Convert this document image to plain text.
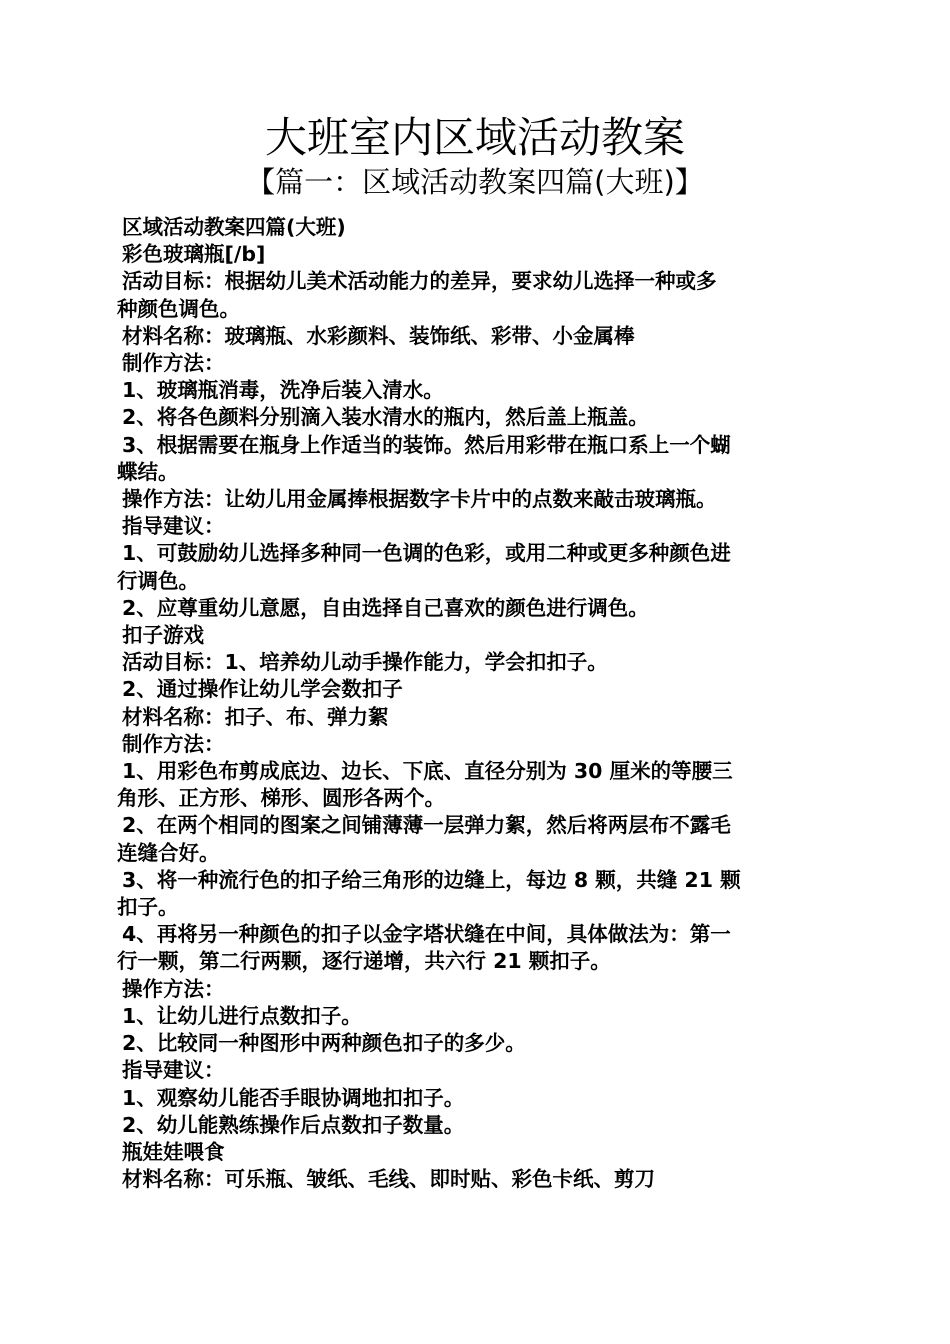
大班室内区域活动教案
【篇一：区域活动教案四篇(大班)】
区域活动教案四篇(大班)
彩色玻璃瓶[/b]
活动目标：根据幼儿美术活动能力的差异，要求幼儿选择一种或多
种颜色调色。
材料名称：玻璃瓶、水彩颜料、装饰纸、彩带、小金属棒
制作方法：
1、玻璃瓶消毒，洗净后装入清水。
2、将各色颜料分别滴入装水清水的瓶内，然后盖上瓶盖。
3、根据需要在瓶身上作适当的装饰。然后用彩带在瓶口系上一个蝴
蝶结。
操作方法：让幼儿用金属捧根据数字卡片中的点数来敲击玻璃瓶。
指导建议：
1、可鼓励幼儿选择多种同一色调的色彩，或用二种或更多种颜色进
行调色。
2、应尊重幼儿意愿，自由选择自己喜欢的颜色进行调色。
扣子游戏
活动目标：1、培养幼儿动手操作能力，学会扣扣子。
2、通过操作让幼儿学会数扣子
材料名称：扣子、布、弹力絮
制作方法：
1、用彩色布剪成底边、边长、下底、直径分别为 30 厘米的等腰三
角形、正方形、梯形、圆形各两个。
2、在两个相同的图案之间铺薄薄一层弹力絮，然后将两层布不露毛
连缝合好。
3、将一种流行色的扣子给三角形的边缝上，每边 8 颗，共缝 21 颗
扣子。
4、再将另一种颜色的扣子以金字塔状缝在中间，具体做法为：第一
行一颗，第二行两颗，逐行递增，共六行 21 颗扣子。
操作方法：
1、让幼儿进行点数扣子。
2、比较同一种图形中两种颜色扣子的多少。
指导建议：
1、观察幼儿能否手眼协调地扣扣子。
2、幼儿能熟练操作后点数扣子数量。
瓶娃娃喂食
材料名称：可乐瓶、皱纸、毛线、即时贴、彩色卡纸、剪刀
